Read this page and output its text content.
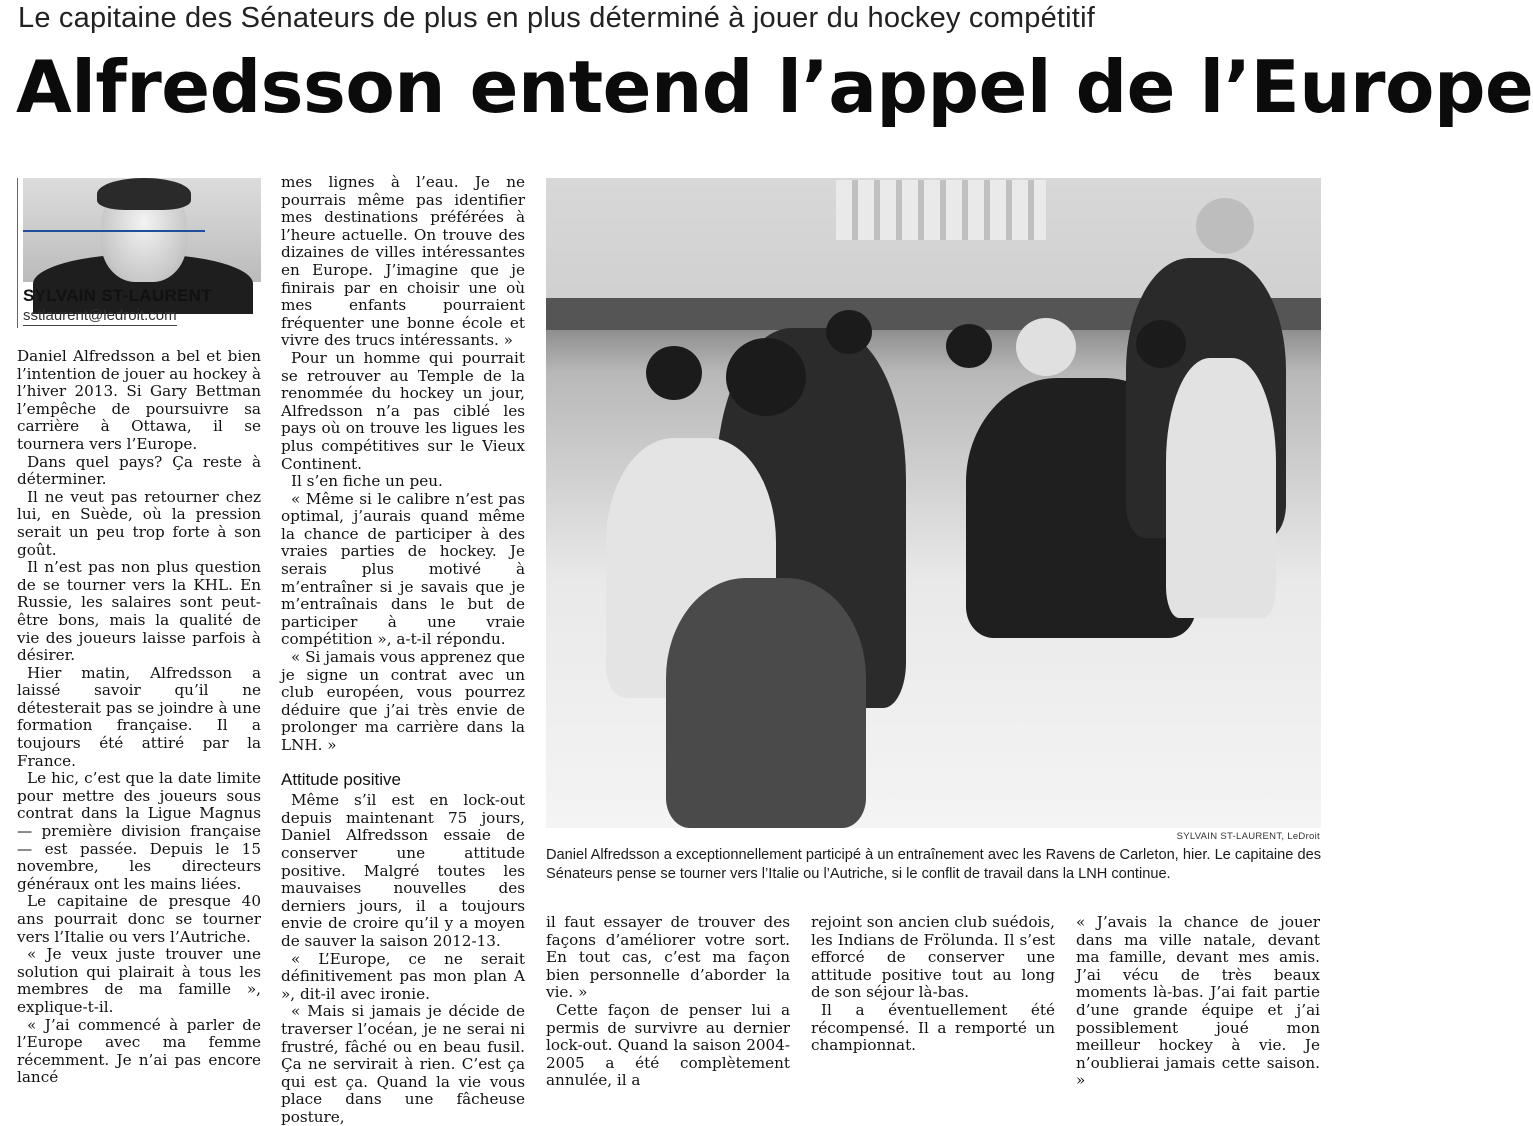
Le capitaine des Sénateurs de plus en plus déterminé à jouer du hockey compétitif
Alfredsson entend l’appel de l’Europe
SYLVAIN ST-LAURENT
sstlaurent@ledroit.com

Daniel Alfredsson a bel et bien l’intention de jouer au hockey à l’hiver 2013. Si Gary Bettman l’empêche de poursuivre sa carrière à Ottawa, il se tournera vers l’Europe.

Dans quel pays? Ça reste à déterminer.

Il ne veut pas retourner chez lui, en Suède, où la pression serait un peu trop forte à son goût.

Il n’est pas non plus question de se tourner vers la KHL. En Russie, les salaires sont peut-être bons, mais la qualité de vie des joueurs laisse parfois à désirer.

Hier matin, Alfredsson a laissé savoir qu’il ne détesterait pas se joindre à une formation française. Il a toujours été attiré par la France.

Le hic, c’est que la date limite pour mettre des joueurs sous contrat dans la Ligue Magnus — première division française — est passée. Depuis le 15 novembre, les directeurs généraux ont les mains liées.

Le capitaine de presque 40 ans pourrait donc se tourner vers l’Italie ou vers l’Autriche.

« Je veux juste trouver une solution qui plairait à tous les membres de ma famille », explique-t-il.

« J’ai commencé à parler de l’Europe avec ma femme récemment. Je n’ai pas encore lancé

mes lignes à l’eau. Je ne pourrais même pas identifier mes destinations préférées à l’heure actuelle. On trouve des dizaines de villes intéressantes en Europe. J’imagine que je finirais par en choisir une où mes enfants pourraient fréquenter une bonne école et vivre des trucs intéressants. »

Pour un homme qui pourrait se retrouver au Temple de la renommée du hockey un jour, Alfredsson n’a pas ciblé les pays où on trouve les ligues les plus compétitives sur le Vieux Continent.

Il s’en fiche un peu.

« Même si le calibre n’est pas optimal, j’aurais quand même la chance de participer à des vraies parties de hockey. Je serais plus motivé à m’entraîner si je savais que je m’entraînais dans le but de participer à une vraie compétition », a-t-il répondu.

« Si jamais vous apprenez que je signe un contrat avec un club européen, vous pourrez déduire que j’ai très envie de prolonger ma carrière dans la LNH. »

Attitude positive

Même s’il est en lock-out depuis maintenant 75 jours, Daniel Alfredsson essaie de conserver une attitude positive. Malgré toutes les mauvaises nouvelles des derniers jours, il a toujours envie de croire qu’il y a moyen de sauver la saison 2012-13.

« L’Europe, ce ne serait définitivement pas mon plan A », dit-il avec ironie.

« Mais si jamais je décide de traverser l’océan, je ne serai ni frustré, fâché ou en beau fusil. Ça ne servirait à rien. C’est ça qui est ça. Quand la vie vous place dans une fâcheuse posture,

SYLVAIN ST-LAURENT, LeDroit
Daniel Alfredsson a exceptionnellement participé à un entraînement avec les Ravens de Carleton, hier. Le capitaine des Sénateurs pense se tourner vers l’Italie ou l’Autriche, si le conflit de travail dans la LNH continue.

il faut essayer de trouver des façons d’améliorer votre sort. En tout cas, c’est ma façon bien personnelle d’aborder la vie. »

Cette façon de penser lui a permis de survivre au dernier lock-out. Quand la saison 2004-2005 a été complètement annulée, il a

rejoint son ancien club suédois, les Indians de Frölunda. Il s’est efforcé de conserver une attitude positive tout au long de son séjour là-bas.

Il a éventuellement été récompensé. Il a remporté un championnat.

« J’avais la chance de jouer dans ma ville natale, devant ma famille, devant mes amis. J’ai vécu de très beaux moments là-bas. J’ai fait partie d’une grande équipe et j’ai possiblement joué mon meilleur hockey à vie. Je n’oublierai jamais cette saison. »
